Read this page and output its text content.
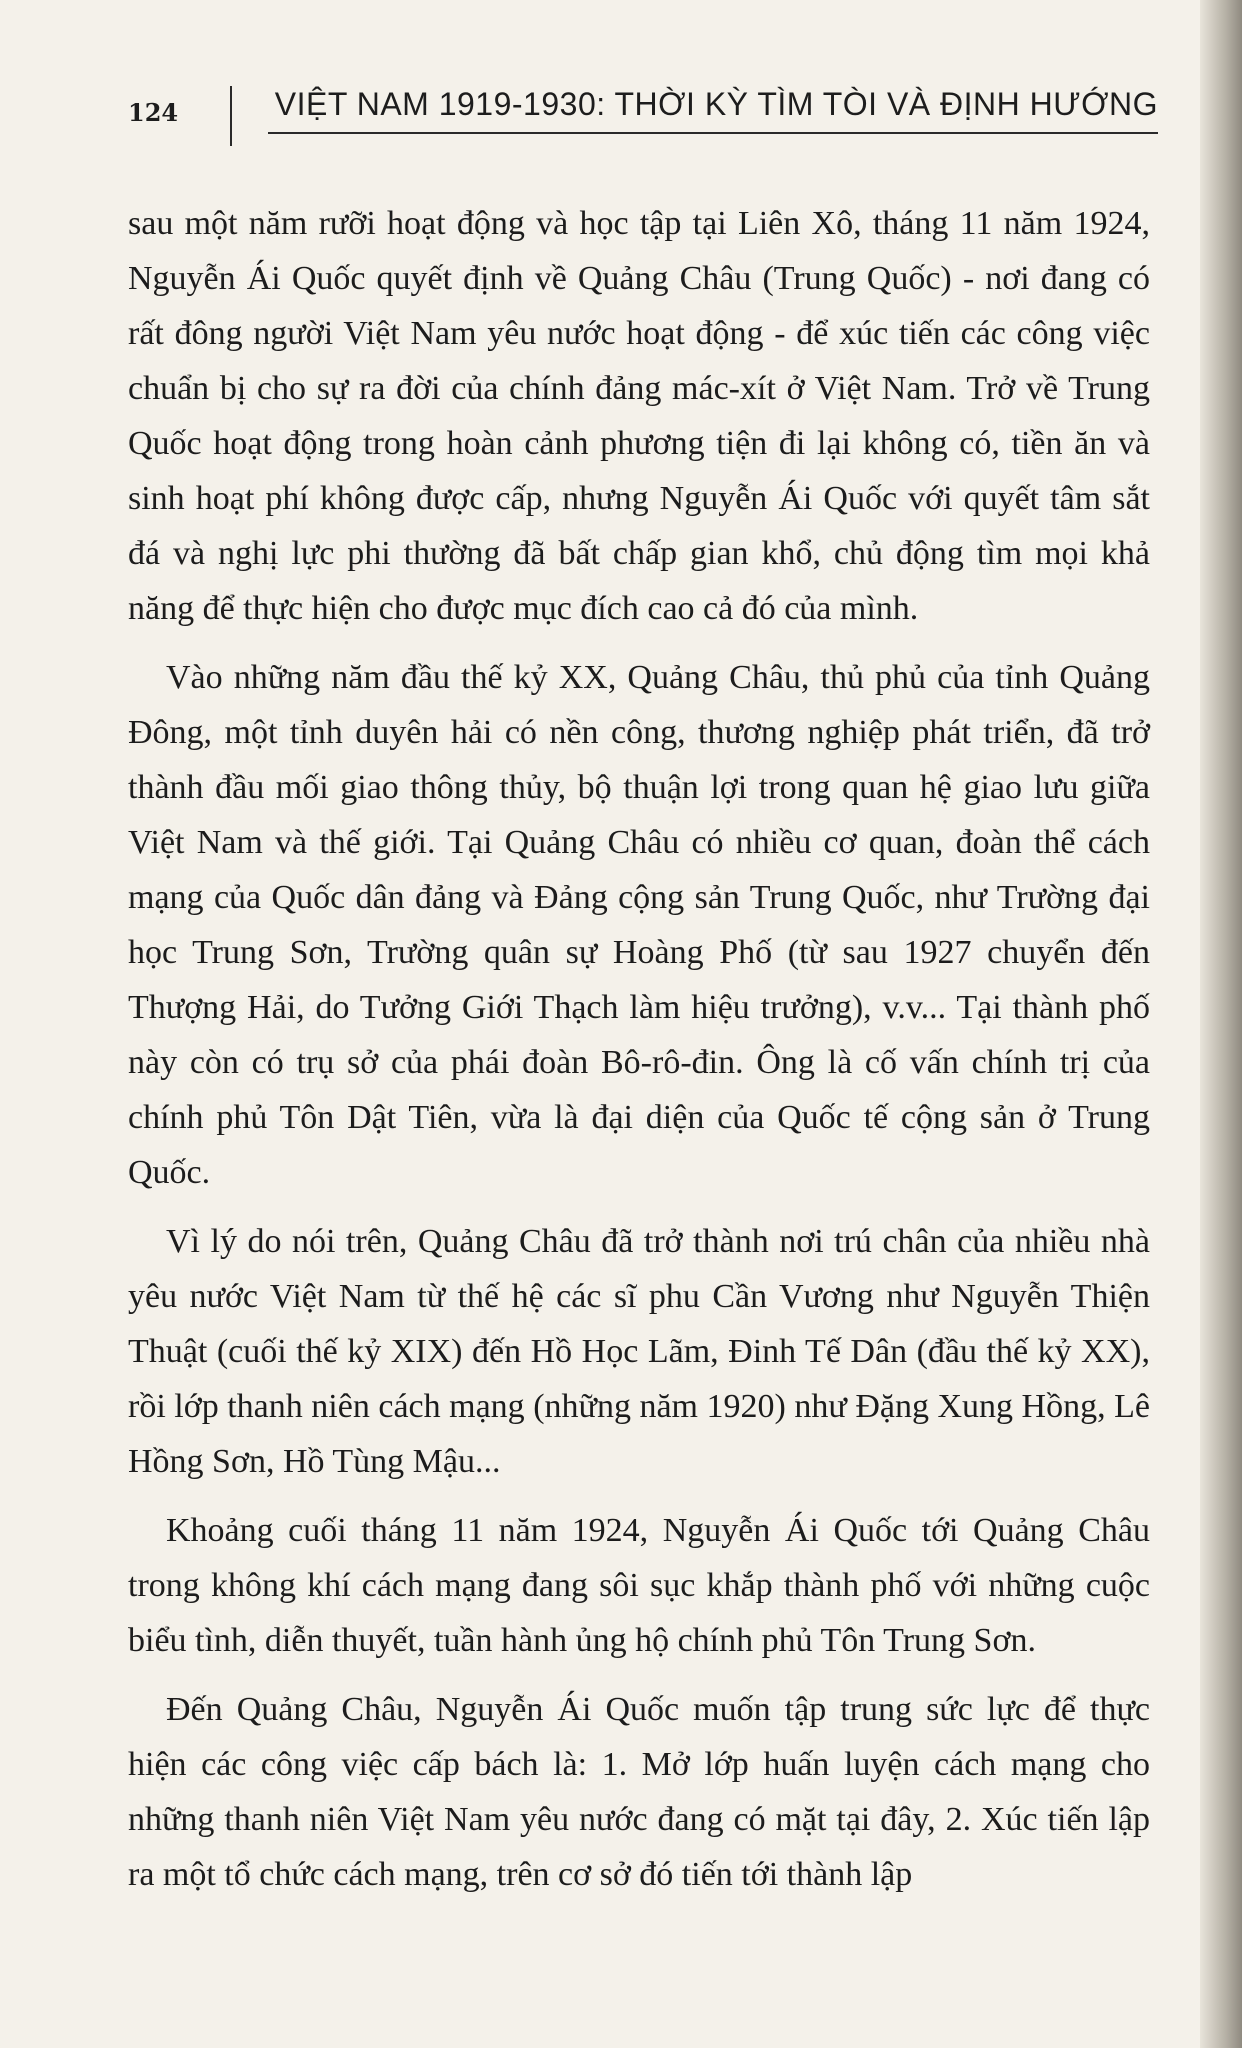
124	VIỆT NAM 1919-1930: THỜI KỲ TÌM TÒI VÀ ĐỊNH HƯỚNG

sau một năm rưỡi hoạt động và học tập tại Liên Xô, tháng 11 năm 1924, Nguyễn Ái Quốc quyết định về Quảng Châu (Trung Quốc) - nơi đang có rất đông người Việt Nam yêu nước hoạt động - để xúc tiến các công việc chuẩn bị cho sự ra đời của chính đảng mác-xít ở Việt Nam. Trở về Trung Quốc hoạt động trong hoàn cảnh phương tiện đi lại không có, tiền ăn và sinh hoạt phí không được cấp, nhưng Nguyễn Ái Quốc với quyết tâm sắt đá và nghị lực phi thường đã bất chấp gian khổ, chủ động tìm mọi khả năng để thực hiện cho được mục đích cao cả đó của mình.

Vào những năm đầu thế kỷ XX, Quảng Châu, thủ phủ của tỉnh Quảng Đông, một tỉnh duyên hải có nền công, thương nghiệp phát triển, đã trở thành đầu mối giao thông thủy, bộ thuận lợi trong quan hệ giao lưu giữa Việt Nam và thế giới. Tại Quảng Châu có nhiều cơ quan, đoàn thể cách mạng của Quốc dân đảng và Đảng cộng sản Trung Quốc, như Trường đại học Trung Sơn, Trường quân sự Hoàng Phố (từ sau 1927 chuyển đến Thượng Hải, do Tưởng Giới Thạch làm hiệu trưởng), v.v... Tại thành phố này còn có trụ sở của phái đoàn Bô-rô-đin. Ông là cố vấn chính trị của chính phủ Tôn Dật Tiên, vừa là đại diện của Quốc tế cộng sản ở Trung Quốc.

Vì lý do nói trên, Quảng Châu đã trở thành nơi trú chân của nhiều nhà yêu nước Việt Nam từ thế hệ các sĩ phu Cần Vương như Nguyễn Thiện Thuật (cuối thế kỷ XIX) đến Hồ Học Lãm, Đinh Tế Dân (đầu thế kỷ XX), rồi lớp thanh niên cách mạng (những năm 1920) như Đặng Xung Hồng, Lê Hồng Sơn, Hồ Tùng Mậu...

Khoảng cuối tháng 11 năm 1924, Nguyễn Ái Quốc tới Quảng Châu trong không khí cách mạng đang sôi sục khắp thành phố với những cuộc biểu tình, diễn thuyết, tuần hành ủng hộ chính phủ Tôn Trung Sơn.

Đến Quảng Châu, Nguyễn Ái Quốc muốn tập trung sức lực để thực hiện các công việc cấp bách là: 1. Mở lớp huấn luyện cách mạng cho những thanh niên Việt Nam yêu nước đang có mặt tại đây, 2. Xúc tiến lập ra một tổ chức cách mạng, trên cơ sở đó tiến tới thành lập
